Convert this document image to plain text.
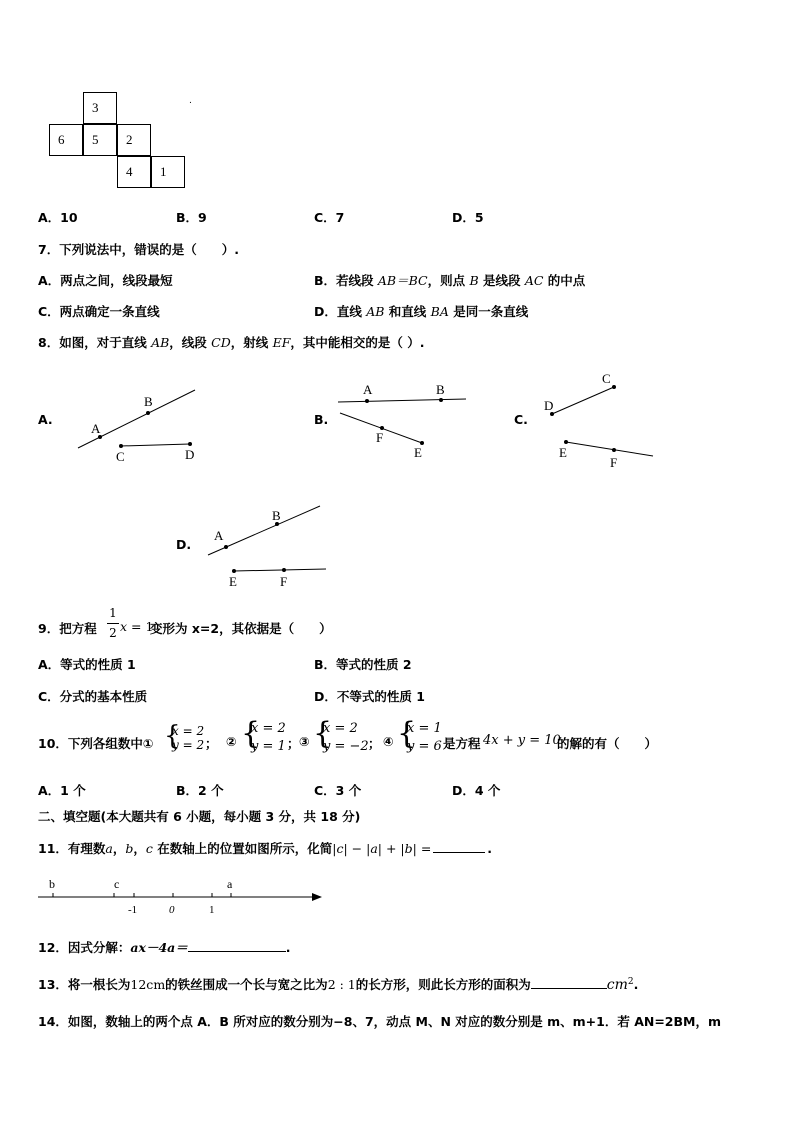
3
6 5 2
4 1
.
A．10	B．9	C．7	D．5
7．下列说法中，错误的是（　　）.
A．两点之间，线段最短	B．若线段 AB＝BC，则点 B 是线段 AC 的中点
C．两点确定一条直线	D．直线 AB 和直线 BA 是同一条直线
8．如图，对于直线 AB，线段 CD，射线 EF，其中能相交的是（ ）.
A.	B.	C.
D.
A
B
C	D
A	B
F
E
D
C
E
F
A
B
E	F
9．把方程
1
2 x = 1
变形为 x=2，其依据是（　　）
A．等式的性质 1	B．等式的性质 2
C．分式的基本性质	D．不等式的性质 1
10．下列各组数中① {
x = 2
y = 2 ； ② {
x = 2
y = 1 ； ③ {
x = 2
y = −2 ； ④ {
x = 1
y = 6 是方程 4x + y = 10
的解的有（　　）
A．1 个	B．2 个	C．3 个	D．4 个
二、填空题(本大题共有 6 小题，每小题 3 分，共 18 分)
11．有理数a，b，c 在数轴上的位置如图所示，化简|c| − |a| + |b| =	.
b	c	a
-1	0	1
12．因式分解：ax－4a＝	.
13．将一根长为12cm的铁丝围成一个长与宽之比为2 : 1的长方形，则此长方形的面积为	$cm^2$.
14．如图，数轴上的两个点 A．B 所对应的数分别为−8、7，动点 M、N 对应的数分别是 m、m+1．若 AN=2BM，m
